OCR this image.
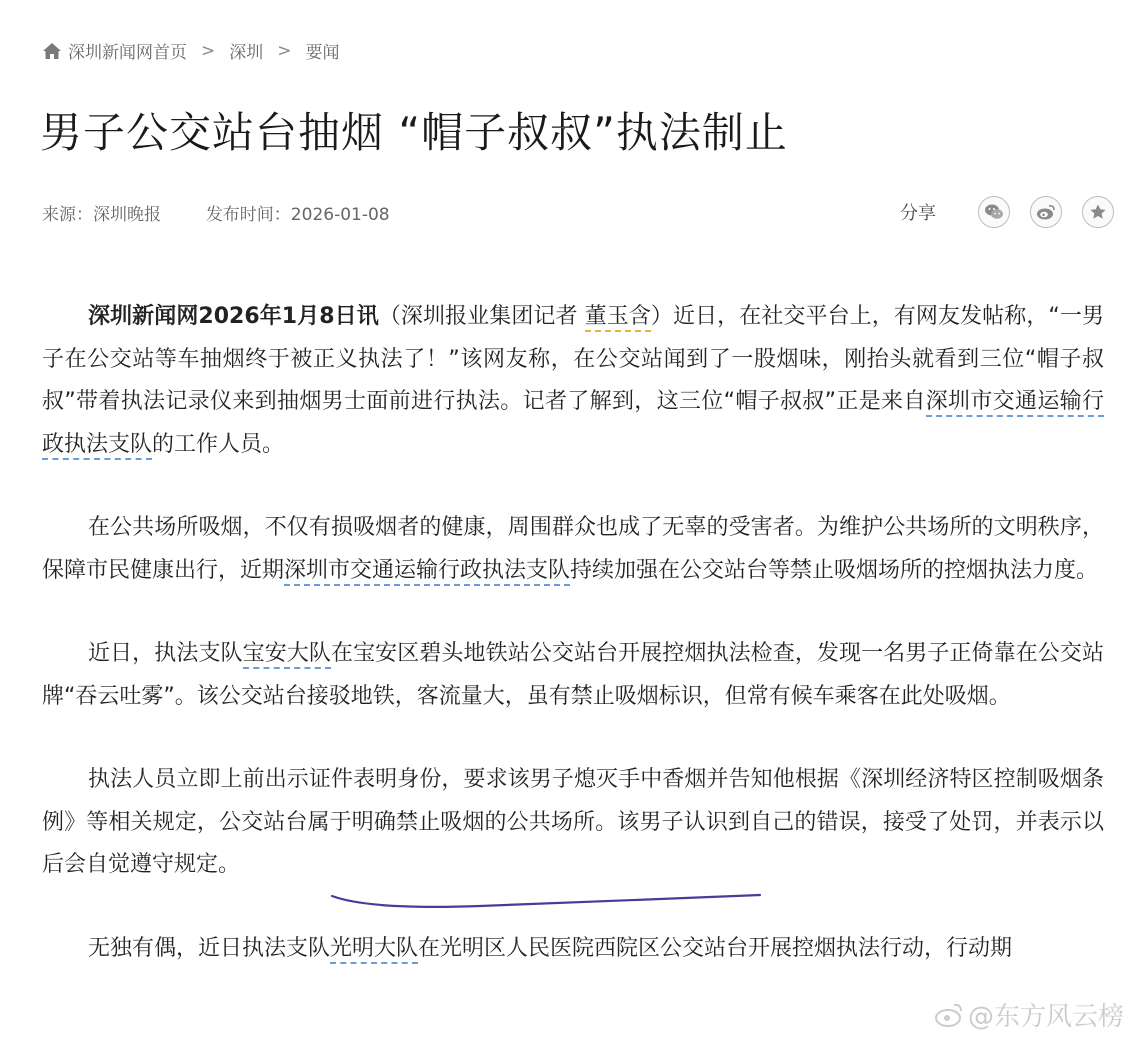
深圳新闻网首页 > 深圳 > 要闻
男子公交站台抽烟 “帽子叔叔”执法制止
来源：深圳晚报	发布时间：2026-01-08	分享

深圳新闻网2026年1月8日讯（深圳报业集团记者 董玉含）近日，在社交平台上，有网友发帖称，“一男子在公交站等车抽烟终于被正义执法了！”该网友称，在公交站闻到了一股烟味，刚抬头就看到三位“帽子叔叔”带着执法记录仪来到抽烟男士面前进行执法。记者了解到，这三位“帽子叔叔”正是来自深圳市交通运输行政执法支队的工作人员。

在公共场所吸烟，不仅有损吸烟者的健康，周围群众也成了无辜的受害者。为维护公共场所的文明秩序，保障市民健康出行，近期深圳市交通运输行政执法支队持续加强在公交站台等禁止吸烟场所的控烟执法力度。

近日，执法支队宝安大队在宝安区碧头地铁站公交站台开展控烟执法检查，发现一名男子正倚靠在公交站牌“吞云吐雾”。该公交站台接驳地铁，客流量大，虽有禁止吸烟标识，但常有候车乘客在此处吸烟。

执法人员立即上前出示证件表明身份，要求该男子熄灭手中香烟并告知他根据《深圳经济特区控制吸烟条例》等相关规定，公交站台属于明确禁止吸烟的公共场所。该男子认识到自己的错误，接受了处罚，并表示以后会自觉遵守规定。

无独有偶，近日执法支队光明大队在光明区人民医院西院区公交站台开展控烟执法行动，行动期

@东方风云榜
